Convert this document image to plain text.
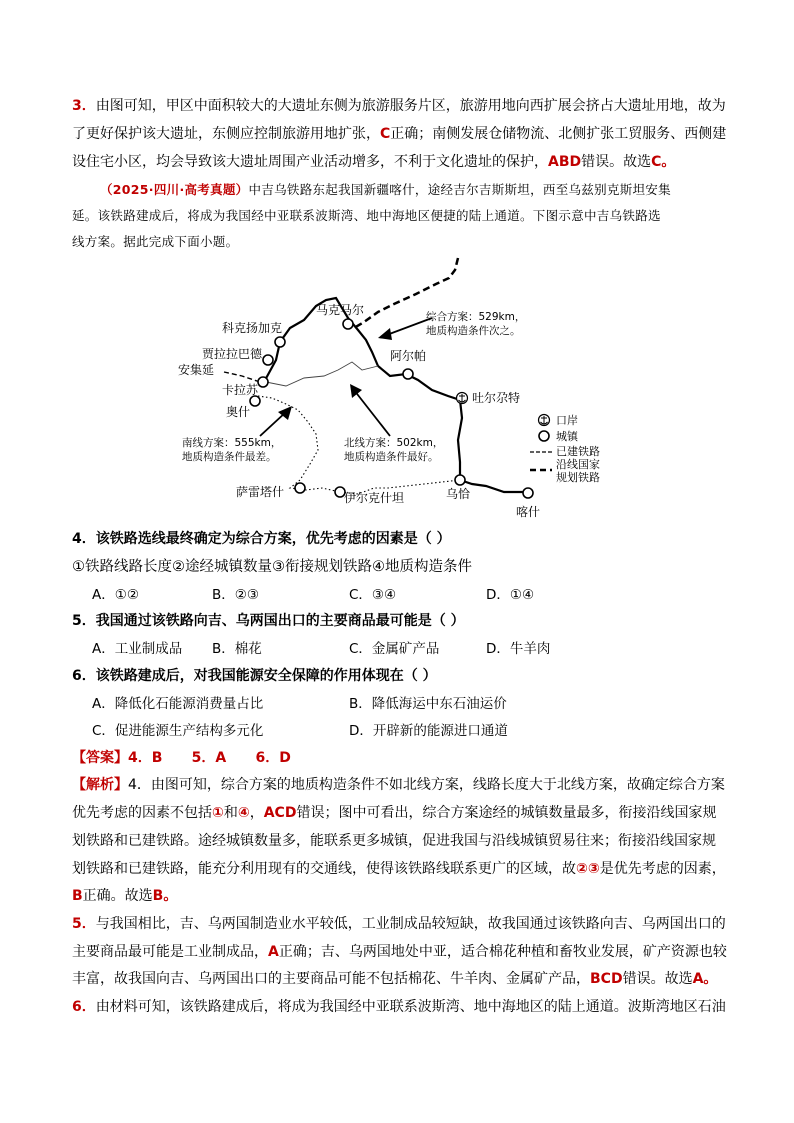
3．由图可知，甲区中面积较大的大遗址东侧为旅游服务片区，旅游用地向西扩展会挤占大遗址用地，故为
了更好保护该大遗址，东侧应控制旅游用地扩张，C正确；南侧发展仓储物流、北侧扩张工贸服务、西侧建
设住宅小区，均会导致该大遗址周围产业活动增多，不利于文化遗址的保护，ABD错误。故选C。
（2025·四川·高考真题）中吉乌铁路东起我国新疆喀什，途经吉尔吉斯斯坦，西至乌兹别克斯坦安集
延。该铁路建成后，将成为我国经中亚联系波斯湾、地中海地区便捷的陆上通道。下图示意中吉乌铁路选
线方案。据此完成下面小题。
马克马尔
科克扬加克
贾拉拉巴德
安集延
卡拉苏
奥什
阿尔帕
吐尔尕特
乌恰
喀什
伊尔克什坦
萨雷塔什
综合方案：529km，
地质构造条件次之。
北线方案：502km，
地质构造条件最好。
南线方案：555km，
地质构造条件最差。
口岸
城镇
已建铁路
沿线国家
规划铁路
4．该铁路选线最终确定为综合方案，优先考虑的因素是（ ）
①铁路线路长度②途经城镇数量③衔接规划铁路④地质构造条件
A．①②	B．②③	C．③④	D．①④
5．我国通过该铁路向吉、乌两国出口的主要商品最可能是（ ）
A．工业制成品 B．棉花	C．金属矿产品	D．牛羊肉
6．该铁路建成后，对我国能源安全保障的作用体现在（ ）
A．降低化石能源消费量占比	B．降低海运中东石油运价
C．促进能源生产结构多元化	D．开辟新的能源进口通道
【答案】4．B      5．A      6．D
【解析】4．由图可知，综合方案的地质构造条件不如北线方案，线路长度大于北线方案，故确定综合方案
优先考虑的因素不包括①和④，ACD错误；图中可看出，综合方案途经的城镇数量最多，衔接沿线国家规
划铁路和已建铁路。途经城镇数量多，能联系更多城镇，促进我国与沿线城镇贸易往来；衔接沿线国家规
划铁路和已建铁路，能充分利用现有的交通线，使得该铁路线联系更广的区域，故②③是优先考虑的因素，
B正确。故选B。
5．与我国相比，吉、乌两国制造业水平较低，工业制成品较短缺，故我国通过该铁路向吉、乌两国出口的
主要商品最可能是工业制成品，A正确；吉、乌两国地处中亚，适合棉花种植和畜牧业发展，矿产资源也较
丰富，故我国向吉、乌两国出口的主要商品可能不包括棉花、牛羊肉、金属矿产品，BCD错误。故选A。
6．由材料可知，该铁路建成后，将成为我国经中亚联系波斯湾、地中海地区的陆上通道。波斯湾地区石油
